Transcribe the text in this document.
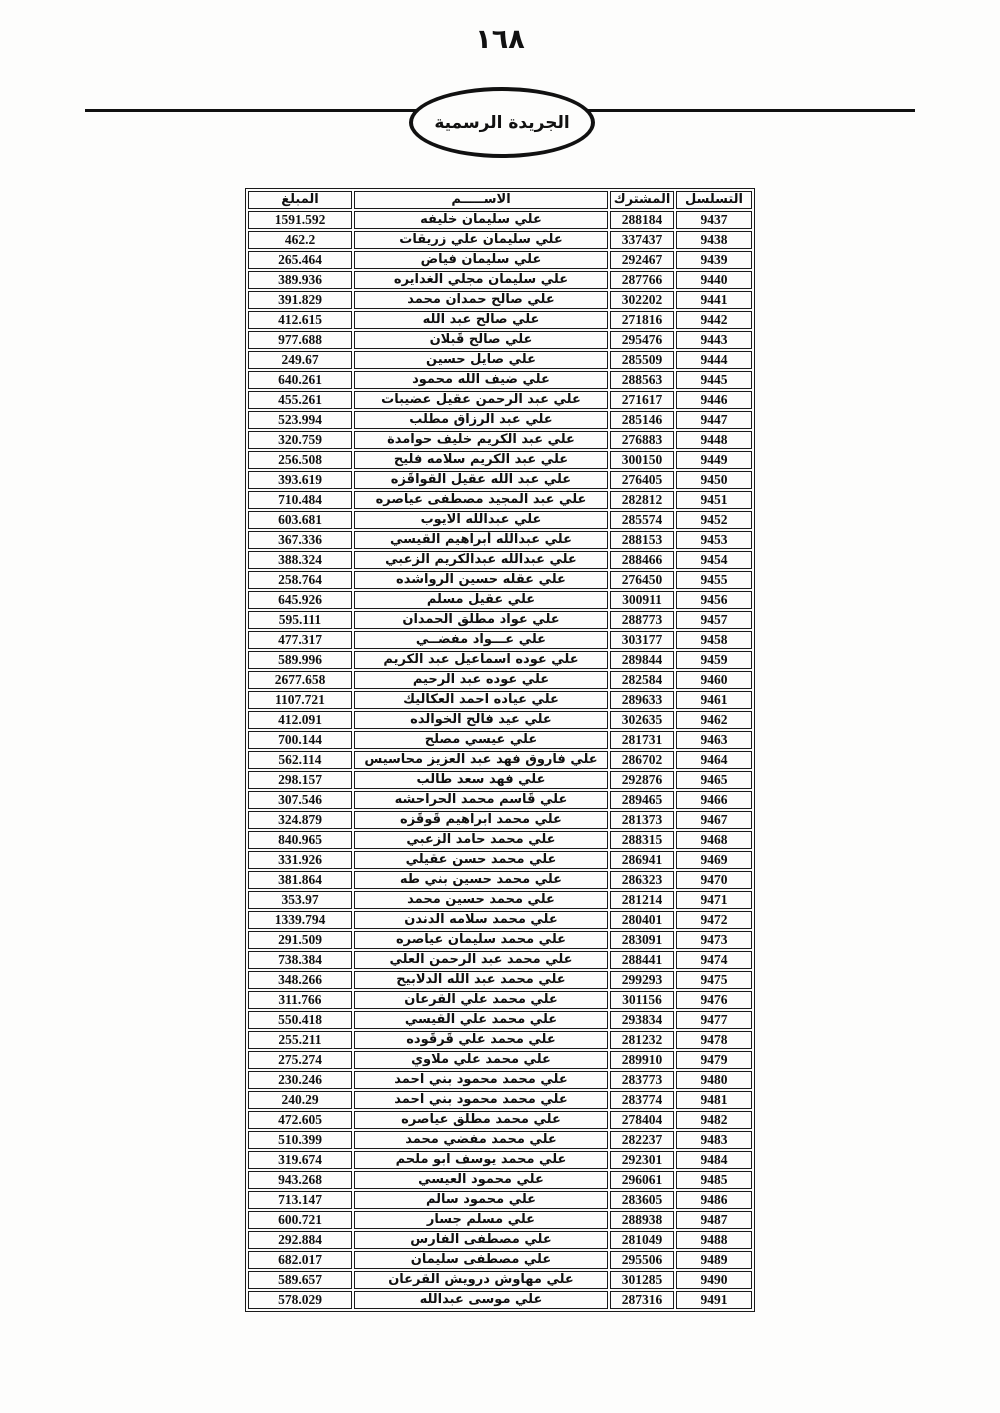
١٦٨
الجريدة الرسمية
التسلسل	المشترك	الاســـــم	المبلغ
9437	288184	علي سليمان خليفه	1591.592
9438	337437	علي سليمان علي زريقات	462.2
9439	292467	علي سليمان فياض	265.464
9440	287766	علي سليمان مجلي الغدايره	389.936
9441	302202	علي صالح حمدان محمد	391.829
9442	271816	علي صالح عبد الله	412.615
9443	295476	علي صالح قَبلان	977.688
9444	285509	علي صايل حسين	249.67
9445	288563	علي ضيف الله محمود	640.261
9446	271617	علي عبد الرحمن عقيل عضيبات	455.261
9447	285146	علي عبد الرزاق مطلب	523.994
9448	276883	علي عبد الكريم خليف حوامدة	320.759
9449	300150	علي عبد الكريم سلامه فليح	256.508
9450	276405	علي عبد الله عقيل القواقَزه	393.619
9451	282812	علي عبد المجيد مصطفى عياصره	710.484
9452	285574	علي عبدالله الايوب	603.681
9453	288153	علي عبدالله أبراهيم القيسي	367.336
9454	288466	علي عبدالله عبدالكريم الزعبي	388.324
9455	276450	علي عقله حسين الرواشده	258.764
9456	300911	علي عقيل مسلم	645.926
9457	288773	علي عواد مطلق الحمدان	595.111
9458	303177	علي عـــواد مفضــي	477.317
9459	289844	علي عوده اسماعيل عبد الكريم	589.996
9460	282584	علي عوده عبد الرحيم	2677.658
9461	289633	علي عياده احمد العكاليك	1107.721
9462	302635	علي عيد فالح الخوالده	412.091
9463	281731	علي عيسي مصلح	700.144
9464	286702	علي فاروق فهد عبد العزيز محاسيس	562.114
9465	292876	علي فهد سعد طالب	298.157
9466	289465	علي قَاسم محمد الحراحشه	307.546
9467	281373	علي محمد ابراهيم قَوقَزه	324.879
9468	288315	علي محمد حامد الزعبي	840.965
9469	286941	علي محمد حسن عقيلي	331.926
9470	286323	علي محمد حسين بني طه	381.864
9471	281214	علي محمد حسين محمد	353.97
9472	280401	علي محمد سلامه الدندن	1339.794
9473	283091	علي محمد سليمان عياصره	291.509
9474	288441	علي محمد عبد الرحمن العلي	738.384
9475	299293	علي محمد عبد الله الدلابيح	348.266
9476	301156	علي محمد علي القرعان	311.766
9477	293834	علي محمد علي القيسي	550.418
9478	281232	علي محمد علي قَرقَوده	255.211
9479	289910	علي محمد علي ملاوي	275.274
9480	283773	علي محمد محمود بني احمد	230.246
9481	283774	علي محمد محمود بني احمد	240.29
9482	278404	علي محمد مطلق عياصره	472.605
9483	282237	علي محمد مفضي محمد	510.399
9484	292301	علي محمد يوسف ابو ملحم	319.674
9485	296061	علي محمود العيسي	943.268
9486	283605	علي محمود سالم	713.147
9487	288938	علي مسلم جسار	600.721
9488	281049	علي مصطفى الفارس	292.884
9489	295506	علي مصطفى سليمان	682.017
9490	301285	علي مهاوش درويش القرعان	589.657
9491	287316	علي موسى عبدالله	578.029
